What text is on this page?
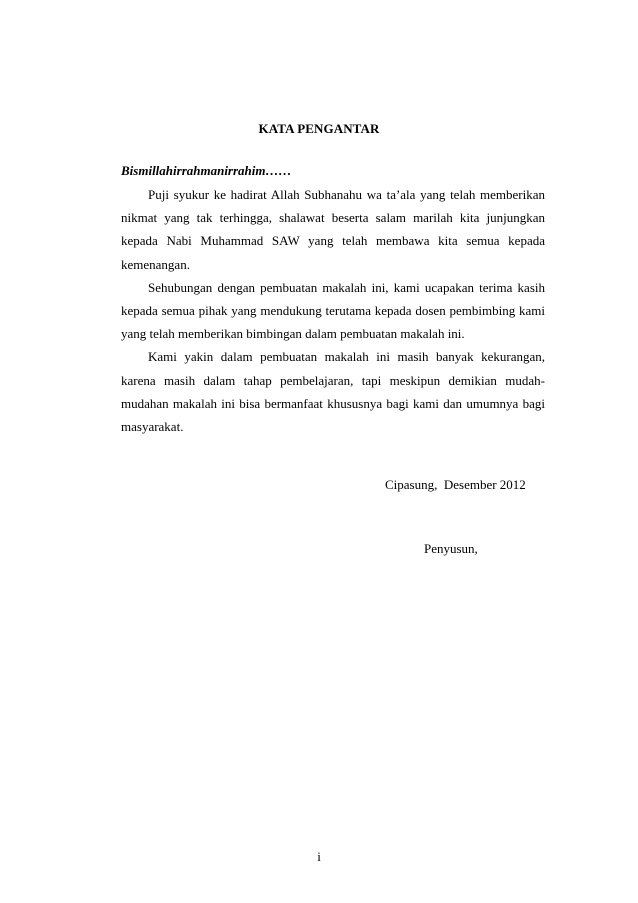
KATA PENGANTAR
Bismillahirrahmanirrahim……

Puji syukur ke hadirat Allah Subhanahu wa ta’ala yang telah memberikan nikmat yang tak terhingga, shalawat beserta salam marilah kita junjungkan kepada Nabi Muhammad SAW yang telah membawa kita semua kepada kemenangan.

Sehubungan dengan pembuatan makalah ini, kami ucapakan terima kasih kepada semua pihak yang mendukung terutama kepada dosen pembimbing kami yang telah memberikan bimbingan dalam pembuatan makalah ini.

Kami yakin dalam pembuatan makalah ini masih banyak kekurangan, karena masih dalam tahap pembelajaran, tapi meskipun demikian mudah-mudahan makalah ini bisa bermanfaat khususnya bagi kami dan umumnya bagi masyarakat.

Cipasung,  Desember 2012
Penyusun,
i
